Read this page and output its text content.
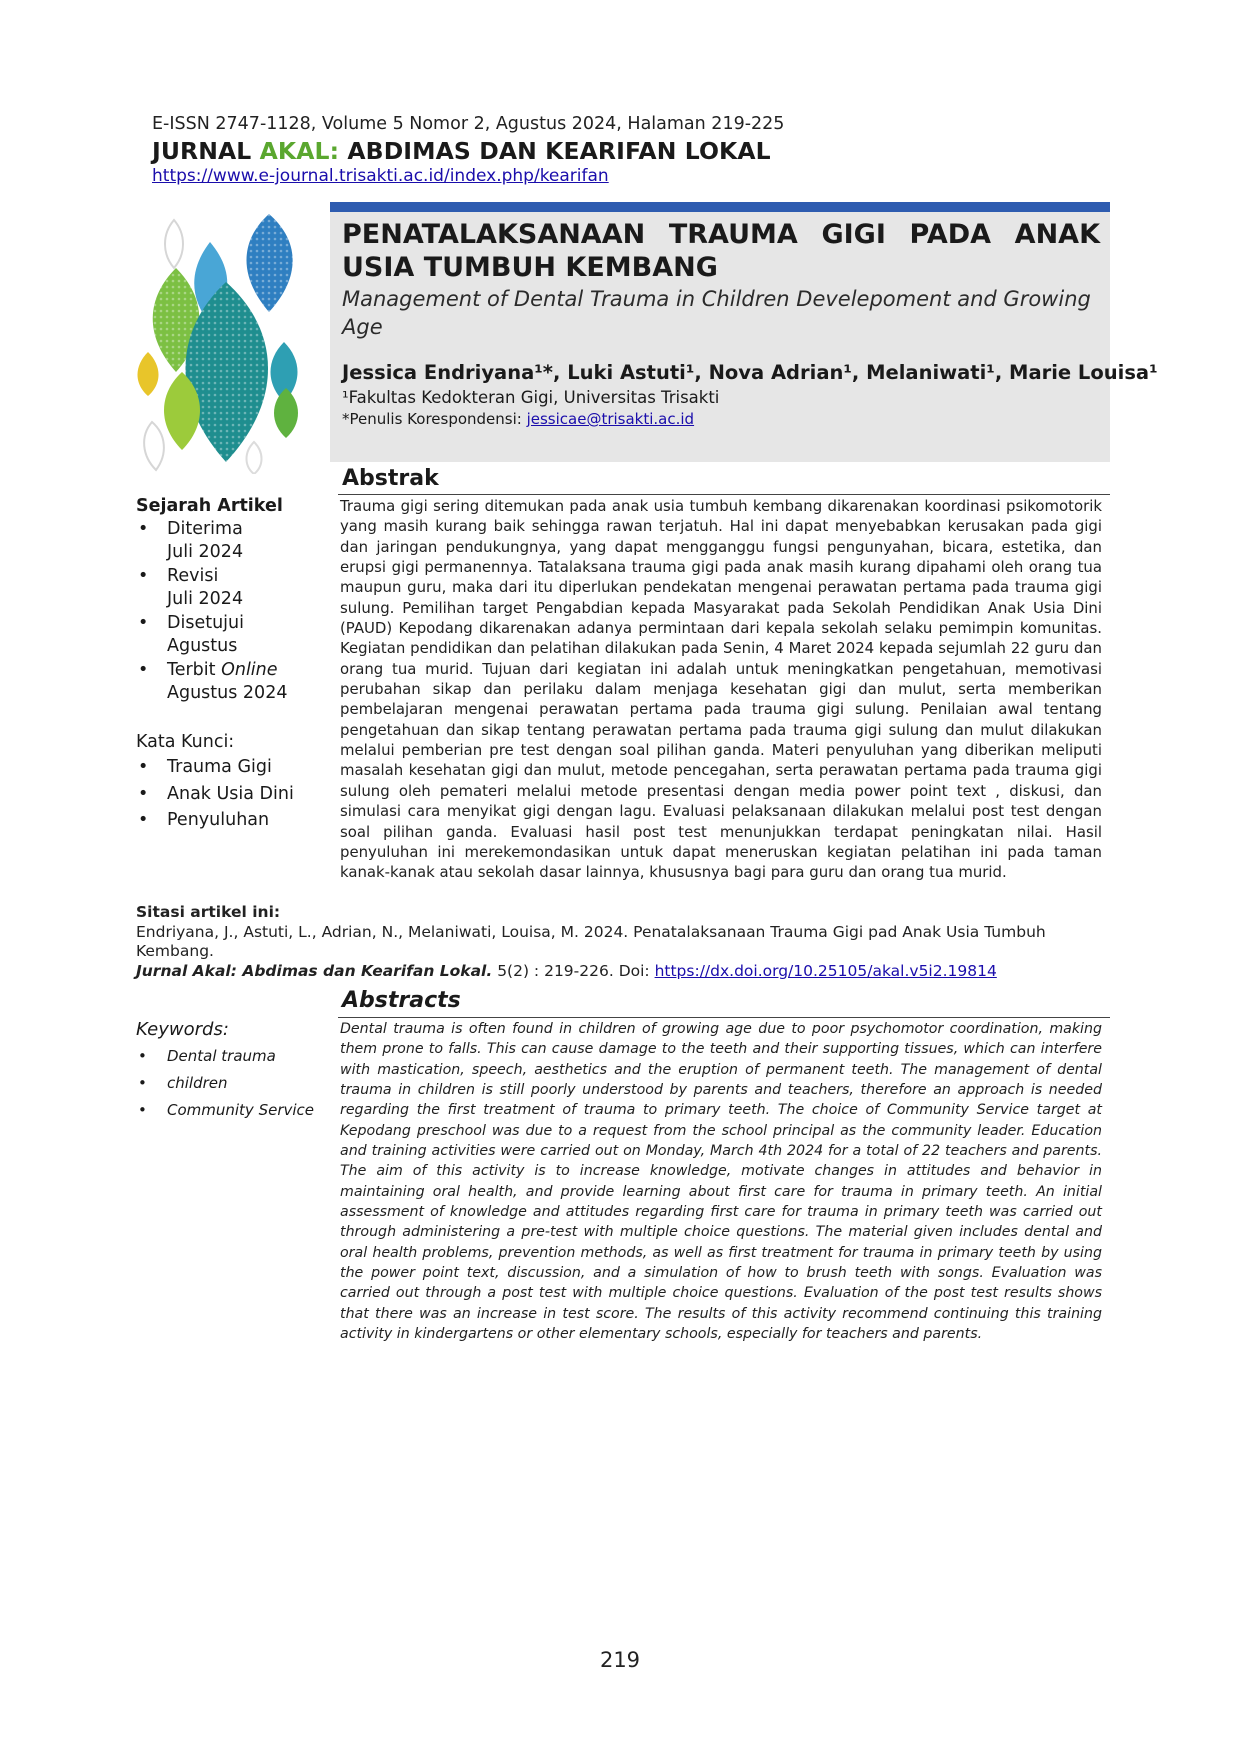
E-ISSN 2747-1128, Volume 5 Nomor 2, Agustus 2024, Halaman 219-225
JURNAL AKAL: ABDIMAS DAN KEARIFAN LOKAL
https://www.e-journal.trisakti.ac.id/index.php/kearifan
PENATALAKSANAAN TRAUMA GIGI PADA ANAK
USIA TUMBUH KEMBANG
Management of Dental Trauma in Children Develepoment and Growing Age
Jessica Endriyana¹*, Luki Astuti¹, Nova Adrian¹, Melaniwati¹, Marie Louisa¹
¹Fakultas Kedokteran Gigi, Universitas Trisakti
*Penulis Korespondensi: jessicae@trisakti.ac.id
Abstrak
Trauma gigi sering ditemukan pada anak usia tumbuh kembang dikarenakan koordinasi psikomotorik yang masih kurang baik sehingga rawan terjatuh. Hal ini dapat menyebabkan kerusakan pada gigi dan jaringan pendukungnya, yang dapat mengganggu fungsi pengunyahan, bicara, estetika, dan erupsi gigi permanennya. Tatalaksana trauma gigi pada anak masih kurang dipahami oleh orang tua maupun guru, maka dari itu diperlukan pendekatan mengenai perawatan pertama pada trauma gigi sulung. Pemilihan target Pengabdian kepada Masyarakat pada Sekolah Pendidikan Anak Usia Dini (PAUD) Kepodang dikarenakan adanya permintaan dari kepala sekolah selaku pemimpin komunitas. Kegiatan pendidikan dan pelatihan dilakukan pada Senin, 4 Maret 2024 kepada sejumlah 22 guru dan orang tua murid. Tujuan dari kegiatan ini adalah untuk meningkatkan pengetahuan, memotivasi perubahan sikap dan perilaku dalam menjaga kesehatan gigi dan mulut, serta memberikan pembelajaran mengenai perawatan pertama pada trauma gigi sulung. Penilaian awal tentang pengetahuan dan sikap tentang perawatan pertama pada trauma gigi sulung dan mulut dilakukan melalui pemberian pre test dengan soal pilihan ganda. Materi penyuluhan yang diberikan meliputi masalah kesehatan gigi dan mulut, metode pencegahan, serta perawatan pertama pada trauma gigi sulung oleh pemateri melalui metode presentasi dengan media power point text , diskusi, dan simulasi cara menyikat gigi dengan lagu. Evaluasi pelaksanaan dilakukan melalui post test dengan soal pilihan ganda. Evaluasi hasil post test menunjukkan terdapat peningkatan nilai. Hasil penyuluhan ini merekemondasikan untuk dapat meneruskan kegiatan pelatihan ini pada taman kanak-kanak atau sekolah dasar lainnya, khususnya bagi para guru dan orang tua murid.
Sejarah Artikel
• Diterima
Juli 2024
• Revisi
Juli 2024
• Disetujui
Agustus
• Terbit Online
Agustus 2024
Kata Kunci:
• Trauma Gigi
• Anak Usia Dini
• Penyuluhan
Sitasi artikel ini:
Endriyana, J., Astuti, L., Adrian, N., Melaniwati, Louisa, M. 2024. Penatalaksanaan Trauma Gigi pad Anak Usia Tumbuh Kembang.
Jurnal Akal: Abdimas dan Kearifan Lokal. 5(2) : 219-226. Doi: https://dx.doi.org/10.25105/akal.v5i2.19814
Abstracts
Dental trauma is often found in children of growing age due to poor psychomotor coordination, making them prone to falls. This can cause damage to the teeth and their supporting tissues, which can interfere with mastication, speech, aesthetics and the eruption of permanent teeth. The management of dental trauma in children is still poorly understood by parents and teachers, therefore an approach is needed regarding the first treatment of trauma to primary teeth. The choice of Community Service target at Kepodang preschool was due to a request from the school principal as the community leader. Education and training activities were carried out on Monday, March 4th 2024 for a total of 22 teachers and parents. The aim of this activity is to increase knowledge, motivate changes in attitudes and behavior in maintaining oral health, and provide learning about first care for trauma in primary teeth. An initial assessment of knowledge and attitudes regarding first care for trauma in primary teeth was carried out through administering a pre-test with multiple choice questions. The material given includes dental and oral health problems, prevention methods, as well as first treatment for trauma in primary teeth by using the power point text, discussion, and a simulation of how to brush teeth with songs. Evaluation was carried out through a post test with multiple choice questions. Evaluation of the post test results shows that there was an increase in test score. The results of this activity recommend continuing this training activity in kindergartens or other elementary schools, especially for teachers and parents.
Keywords:
• Dental trauma
• children
• Community Service
219
